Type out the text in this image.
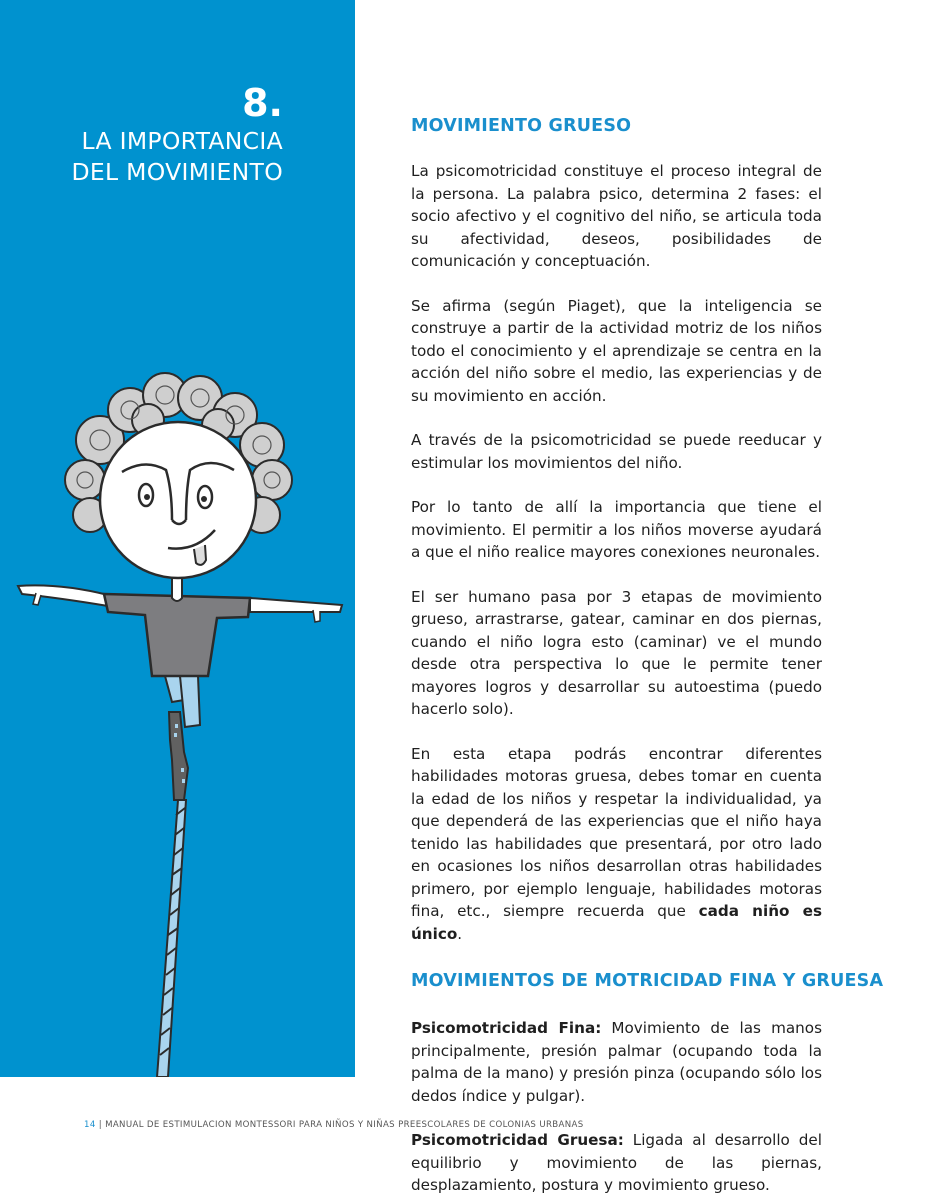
8.
LA IMPORTANCIA
DEL MOVIMIENTO
MOVIMIENTO GRUESO

La psicomotricidad constituye el proceso integral de la persona. La palabra psico, determina 2 fases: el socio afectivo y el cognitivo del niño, se articula toda su afectividad, deseos, posibilidades de comunicación y conceptuación.

Se afirma (según Piaget), que la inteligencia se construye a partir de la actividad motriz de los niños todo el conocimiento y el aprendizaje se centra en la acción del niño sobre el medio, las experiencias y de su movimiento en acción.

A través de la psicomotricidad se puede reeducar y estimular los movimientos del niño.

Por lo tanto de allí la importancia que tiene el movimiento. El permitir a los niños moverse ayudará a que el niño realice mayores conexiones neuronales.

El ser humano pasa por 3 etapas de movimiento grueso, arrastrarse, gatear, caminar en dos piernas, cuando el niño logra esto (caminar) ve el mundo desde otra perspectiva lo que le permite tener mayores logros y desarrollar su autoestima (puedo hacerlo solo).

En esta etapa podrás encontrar diferentes habilidades motoras gruesa, debes tomar en cuenta la edad de los niños y respetar la individualidad, ya que dependerá de las experiencias que el niño haya tenido las habilidades que presentará, por otro lado en ocasiones los niños desarrollan otras habilidades primero, por ejemplo lenguaje, habilidades motoras fina, etc., siempre recuerda que cada niño es único.

MOVIMIENTOS DE MOTRICIDAD FINA Y GRUESA

Psicomotricidad Fina: Movimiento de las manos principalmente, presión palmar (ocupando toda la palma de la mano) y presión pinza (ocupando sólo los dedos índice y pulgar).

Psicomotricidad Gruesa: Ligada al desarrollo del equilibrio y movimiento de las piernas, desplazamiento, postura y movimiento grueso.

14 | MANUAL DE ESTIMULACION MONTESSORI PARA NIÑOS Y NIÑAS PREESCOLARES DE COLONIAS URBANAS
